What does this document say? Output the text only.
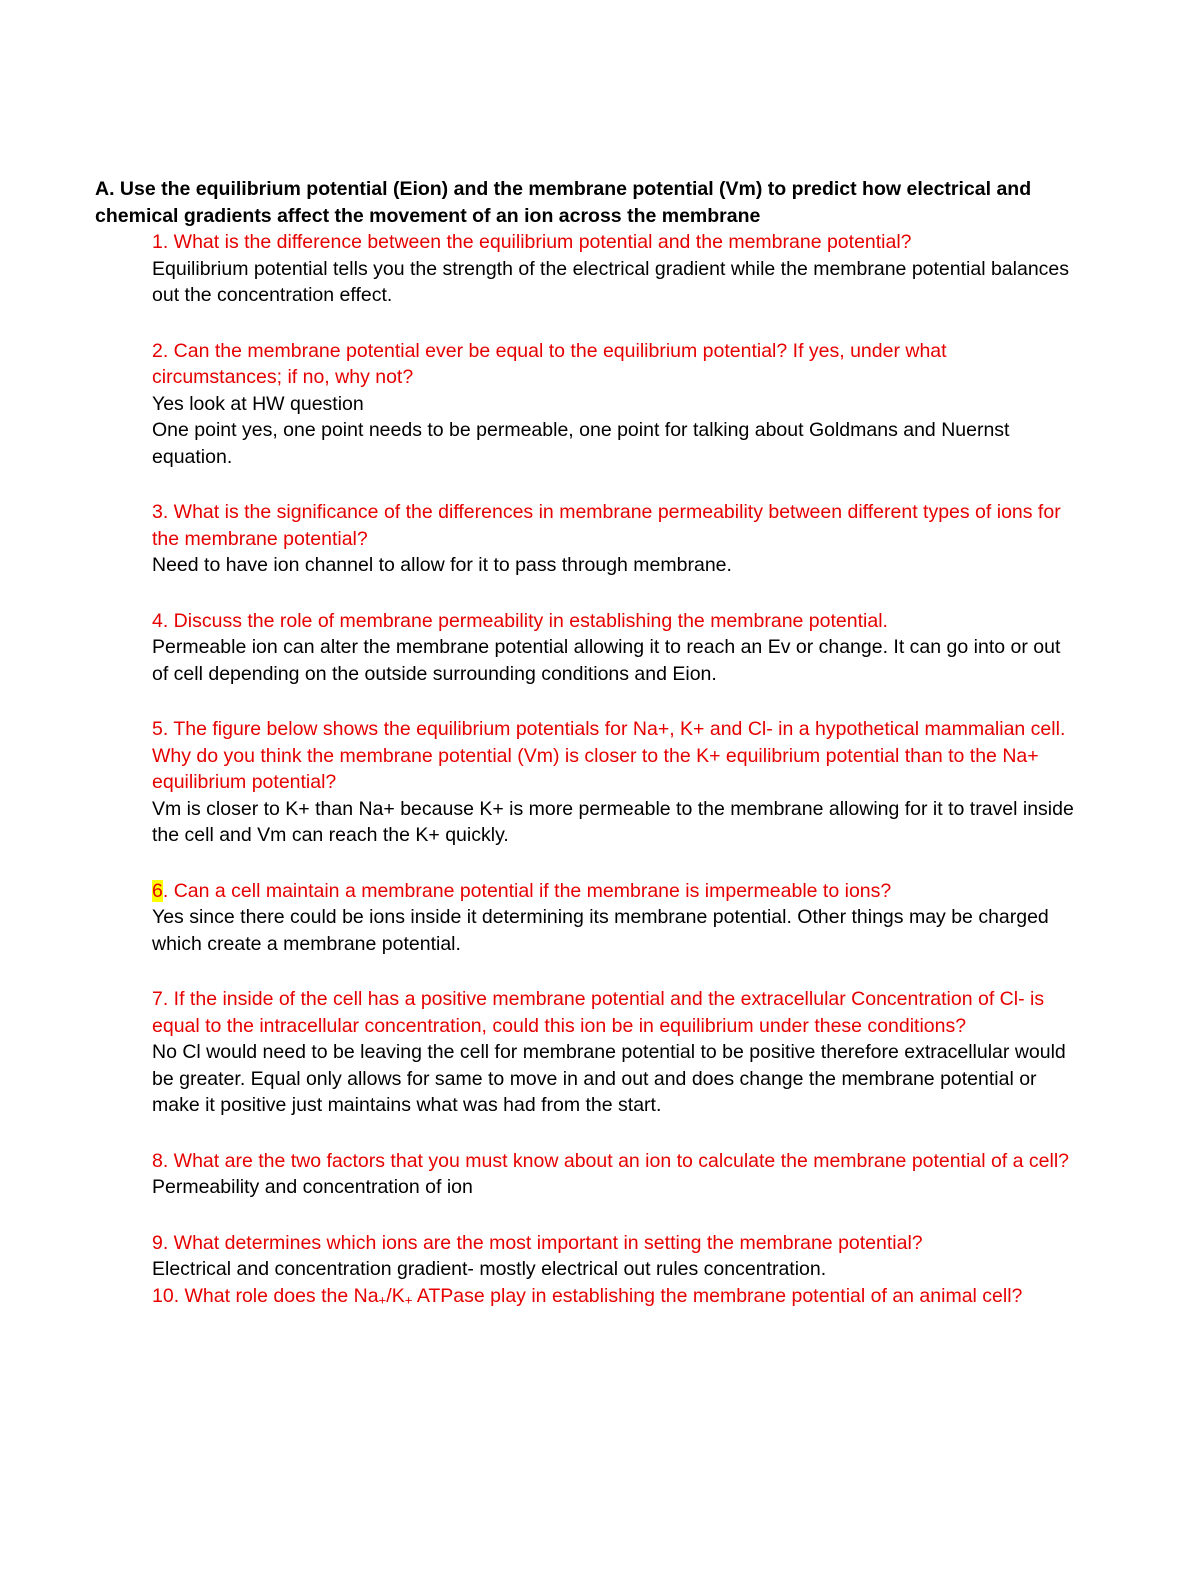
A. Use the equilibrium potential (Eion) and the membrane potential (Vm) to predict how electrical and chemical gradients affect the movement of an ion across the membrane

1. What is the difference between the equilibrium potential and the membrane potential?

Equilibrium potential tells you the strength of the electrical gradient while the membrane potential balances out the concentration effect.

2. Can the membrane potential ever be equal to the equilibrium potential? If yes, under what circumstances; if no, why not?

Yes look at HW question

One point yes, one point needs to be permeable, one point for talking about Goldmans and Nuernst equation.

3. What is the significance of the differences in membrane permeability between different types of ions for the membrane potential?

Need to have ion channel to allow for it to pass through membrane.

4. Discuss the role of membrane permeability in establishing the membrane potential.

Permeable ion can alter the membrane potential allowing it to reach an Ev or change. It can go into or out of cell depending on the outside surrounding conditions and Eion.

5. The figure below shows the equilibrium potentials for Na+, K+ and Cl- in a hypothetical mammalian cell. Why do you think the membrane potential (Vm) is closer to the K+ equilibrium potential than to the Na+ equilibrium potential?

Vm is closer to K+ than Na+ because K+ is more permeable to the membrane allowing for it to travel inside the cell and Vm can reach the K+ quickly.

6. Can a cell maintain a membrane potential if the membrane is impermeable to ions?

Yes since there could be ions inside it determining its membrane potential. Other things may be charged which create a membrane potential.

7. If the inside of the cell has a positive membrane potential and the extracellular Concentration of Cl- is equal to the intracellular concentration, could this ion be in equilibrium under these conditions?

No Cl would need to be leaving the cell for membrane potential to be positive therefore extracellular would be greater. Equal only allows for same to move in and out and does change the membrane potential or make it positive just maintains what was had from the start.

8. What are the two factors that you must know about an ion to calculate the membrane potential of a cell?

Permeability and concentration of ion

9. What determines which ions are the most important in setting the membrane potential?

Electrical and concentration gradient- mostly electrical out rules concentration.

10. What role does the Na+/K+ ATPase play in establishing the membrane potential of an animal cell?
